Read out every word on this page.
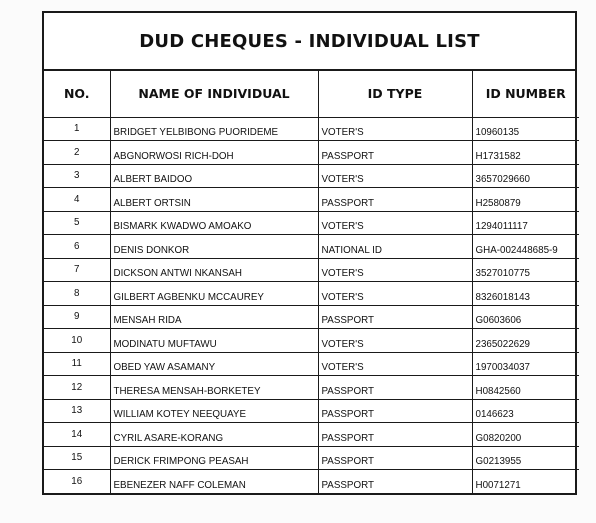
DUD CHEQUES - INDIVIDUAL LIST
NO.	NAME OF INDIVIDUAL	ID TYPE	ID NUMBER
1	BRIDGET YELBIBONG PUORIDEME	VOTER'S	10960135
2	ABGNORWOSI RICH-DOH	PASSPORT	H1731582
3	ALBERT BAIDOO	VOTER'S	3657029660
4	ALBERT ORTSIN	PASSPORT	H2580879
5	BISMARK KWADWO AMOAKO	VOTER'S	1294011117
6	DENIS DONKOR	NATIONAL ID	GHA-002448685-9
7	DICKSON ANTWI NKANSAH	VOTER'S	3527010775
8	GILBERT AGBENKU MCCAUREY	VOTER'S	8326018143
9	MENSAH RIDA	PASSPORT	G0603606
10	MODINATU MUFTAWU	VOTER'S	2365022629
11	OBED YAW ASAMANY	VOTER'S	1970034037
12	THERESA MENSAH-BORKETEY	PASSPORT	H0842560
13	WILLIAM KOTEY NEEQUAYE	PASSPORT	0146623
14	CYRIL ASARE-KORANG	PASSPORT	G0820200
15	DERICK FRIMPONG PEASAH	PASSPORT	G0213955
16	EBENEZER NAFF COLEMAN	PASSPORT	H0071271
